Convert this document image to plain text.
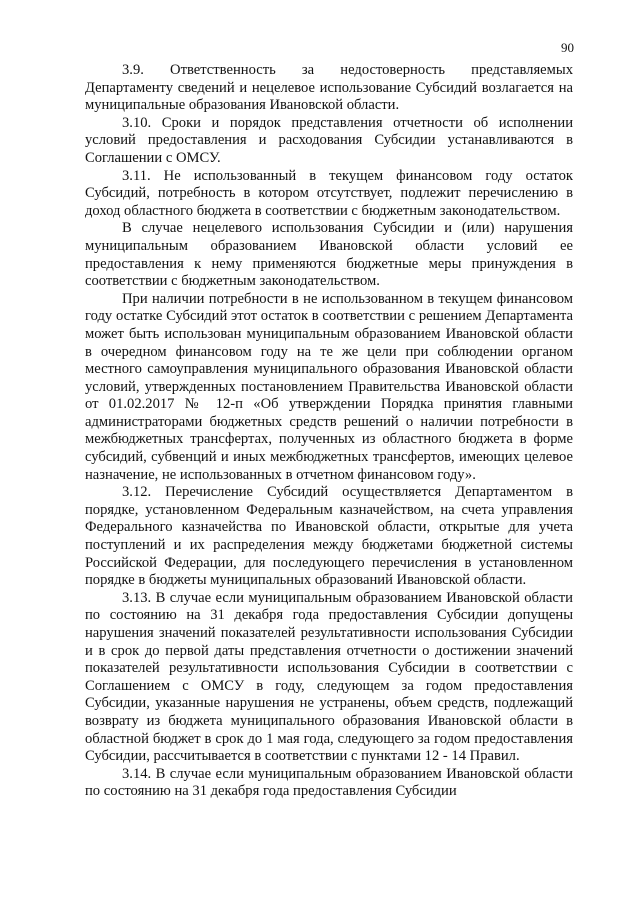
90

3.9. Ответственность за недостоверность представляемых Департаменту сведений и нецелевое использование Субсидий возлагается на муниципальные образования Ивановской области.

3.10. Сроки и порядок представления отчетности об исполнении условий предоставления и расходования Субсидии устанавливаются в Соглашении с ОМСУ.

3.11. Не использованный в текущем финансовом году остаток Субсидий, потребность в котором отсутствует, подлежит перечислению в доход областного бюджета в соответствии с бюджетным законодательством.

В случае нецелевого использования Субсидии и (или) нарушения муниципальным образованием Ивановской области условий ее предоставления к нему применяются бюджетные меры принуждения в соответствии с бюджетным законодательством.

При наличии потребности в не использованном в текущем финансовом году остатке Субсидий этот остаток в соответствии с решением Департамента может быть использован муниципальным образованием Ивановской области в очередном финансовом году на те же цели при соблюдении органом местного самоуправления муниципального образования Ивановской области условий, утвержденных постановлением Правительства Ивановской области от 01.02.2017 № 12-п «Об утверждении Порядка принятия главными администраторами бюджетных средств решений о наличии потребности в межбюджетных трансфертах, полученных из областного бюджета в форме субсидий, субвенций и иных межбюджетных трансфертов, имеющих целевое назначение, не использованных в отчетном финансовом году».

3.12. Перечисление Субсидий осуществляется Департаментом в порядке, установленном Федеральным казначейством, на счета управления Федерального казначейства по Ивановской области, открытые для учета поступлений и их распределения между бюджетами бюджетной системы Российской Федерации, для последующего перечисления в установленном порядке в бюджеты муниципальных образований Ивановской области.

3.13. В случае если муниципальным образованием Ивановской области по состоянию на 31 декабря года предоставления Субсидии допущены нарушения значений показателей результативности использования Субсидии и в срок до первой даты представления отчетности о достижении значений показателей результативности использования Субсидии в соответствии с Соглашением с ОМСУ в году, следующем за годом предоставления Субсидии, указанные нарушения не устранены, объем средств, подлежащий возврату из бюджета муниципального образования Ивановской области в областной бюджет в срок до 1 мая года, следующего за годом предоставления Субсидии, рассчитывается в соответствии с пунктами 12 - 14 Правил.

3.14. В случае если муниципальным образованием Ивановской области по состоянию на 31 декабря года предоставления Субсидии
